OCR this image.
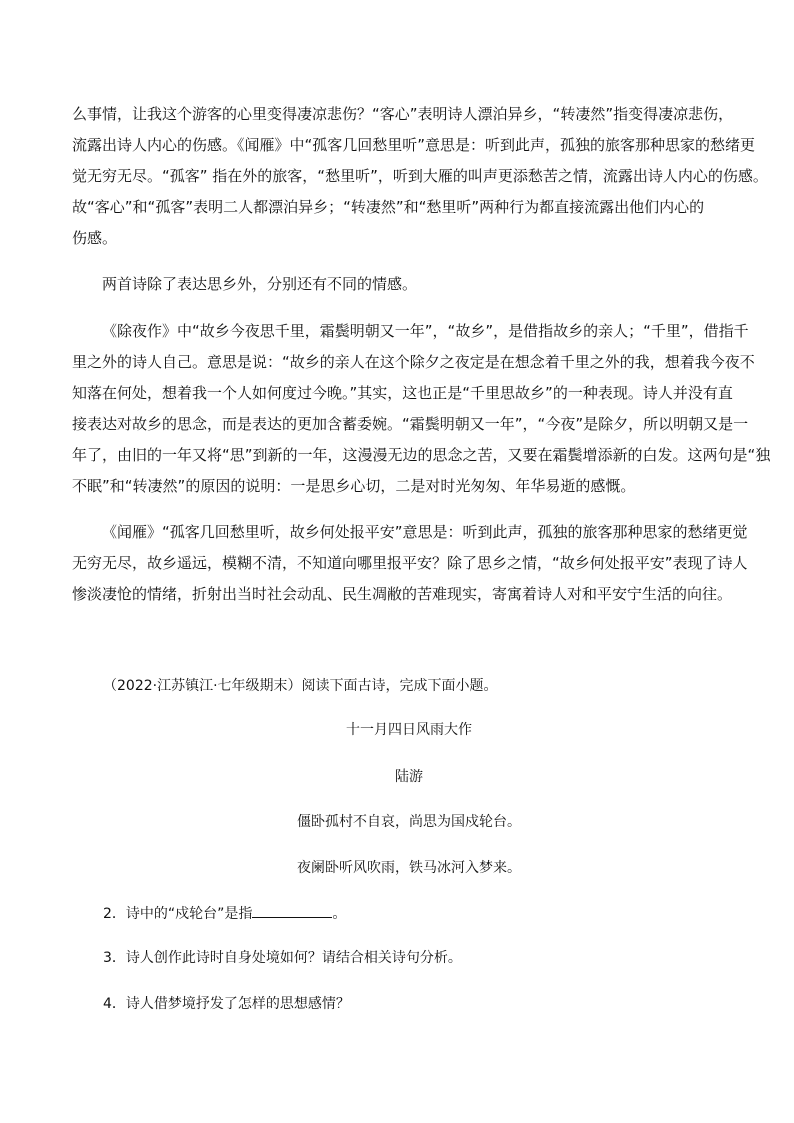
么事情，让我这个游客的心里变得凄凉悲伤？“客心”表明诗人漂泊异乡，“转凄然”指变得凄凉悲伤，
流露出诗人内心的伤感。《闻雁》中“孤客几回愁里听”意思是：听到此声，孤独的旅客那种思家的愁绪更
觉无穷无尽。“孤客” 指在外的旅客，“愁里听”，听到大雁的叫声更添愁苦之情，流露出诗人内心的伤感。
故“客心”和“孤客”表明二人都漂泊异乡；“转凄然”和“愁里听”两种行为都直接流露出他们内心的
伤感。
两首诗除了表达思乡外，分别还有不同的情感。
《除夜作》中“故乡今夜思千里，霜鬓明朝又一年”，“故乡”，是借指故乡的亲人；“千里”，借指千
里之外的诗人自己。意思是说：“故乡的亲人在这个除夕之夜定是在想念着千里之外的我，想着我今夜不
知落在何处，想着我一个人如何度过今晚。”其实，这也正是“千里思故乡”的一种表现。诗人并没有直
接表达对故乡的思念，而是表达的更加含蓄委婉。“霜鬓明朝又一年”，“今夜”是除夕，所以明朝又是一
年了，由旧的一年又将“思”到新的一年，这漫漫无边的思念之苦，又要在霜鬓增添新的白发。这两句是“独
不眠”和“转凄然”的原因的说明：一是思乡心切，二是对时光匆匆、年华易逝的感慨。
《闻雁》“孤客几回愁里听，故乡何处报平安”意思是：听到此声，孤独的旅客那种思家的愁绪更觉
无穷无尽，故乡遥远，模糊不清，不知道向哪里报平安？除了思乡之情，“故乡何处报平安”表现了诗人
惨淡凄怆的情绪，折射出当时社会动乱、民生凋敝的苦难现实，寄寓着诗人对和平安宁生活的向往。
（2022·江苏镇江·七年级期末）阅读下面古诗，完成下面小题。
十一月四日风雨大作
陆游
僵卧孤村不自哀，尚思为国戍轮台。
夜阑卧听风吹雨，铁马冰河入梦来。
2．诗中的“戍轮台”是指	。
3．诗人创作此诗时自身处境如何？请结合相关诗句分析。
4．诗人借梦境抒发了怎样的思想感情？
